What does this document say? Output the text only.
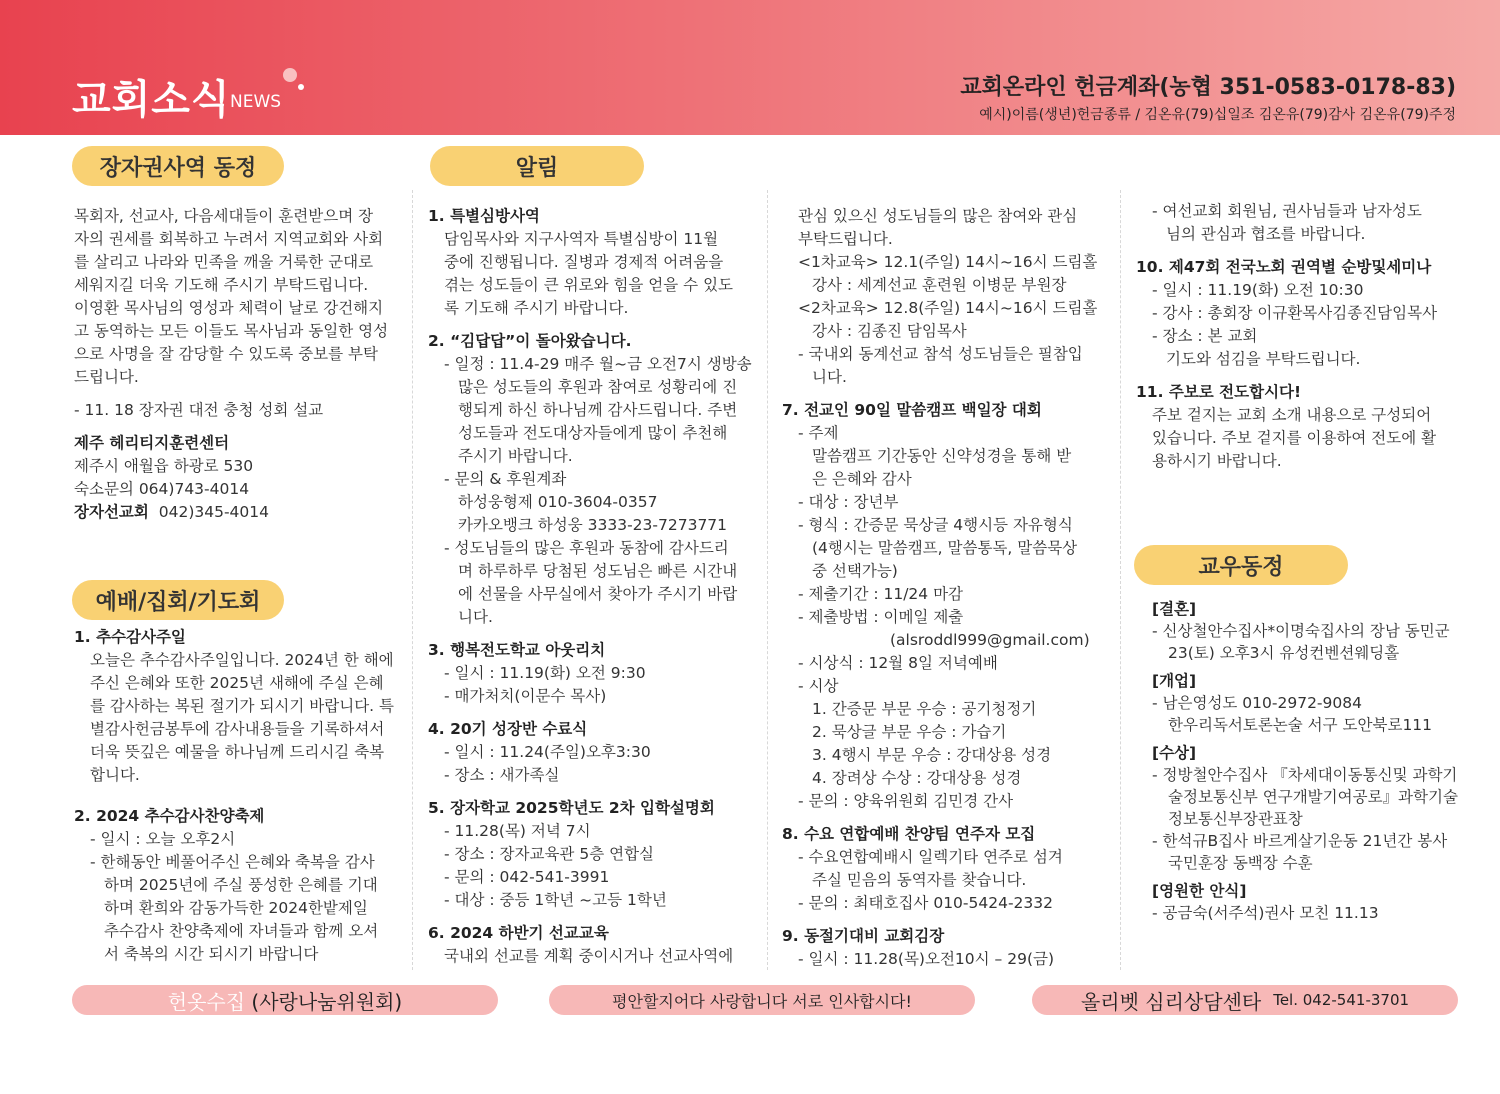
교회소식 NEWS
교회온라인 헌금계좌(농협 351-0583-0178-83)
예시)이름(생년)헌금종류 / 김온유(79)십일조 김온유(79)감사 김온유(79)주정
장자권사역 동정	알림
예배/집회/기도회
교우동정

목회자, 선교사, 다음세대들이 훈련받으며 장

자의 권세를 회복하고 누려서 지역교회와 사회

를 살리고 나라와 민족을 깨울 거룩한 군대로

세워지길 더욱 기도해 주시기 부탁드립니다.

이영환 목사님의 영성과 체력이 날로 강건해지

고 동역하는 모든 이들도 목사님과 동일한 영성

으로 사명을 잘 감당할 수 있도록 중보를 부탁

드립니다.

- 11. 18 장자권 대전 충청 성회 설교

제주 헤리티지훈련센터

제주시 애월읍 하광로 530

숙소문의 064)743-4014

장자선교회 042)345-4014

1. 추수감사주일

오늘은 추수감사주일입니다. 2024년 한 해에

주신 은혜와 또한 2025년 새해에 주실 은혜

를 감사하는 복된 절기가 되시기 바랍니다. 특

별감사헌금봉투에 감사내용들을 기록하셔서

더욱 뜻깊은 예물을 하나님께 드리시길 축복

합니다.

2. 2024 추수감사찬양축제

- 일시 : 오늘 오후2시

- 한해동안 베풀어주신 은혜와 축복을 감사

하며 2025년에 주실 풍성한 은혜를 기대

하며 환희와 감동가득한 2024한밭제일

추수감사 찬양축제에 자녀들과 함께 오셔

서 축복의 시간 되시기 바랍니다

1. 특별심방사역

담임목사와 지구사역자 특별심방이 11월

중에 진행됩니다. 질병과 경제적 어려움을

겪는 성도들이 큰 위로와 힘을 얻을 수 있도

록 기도해 주시기 바랍니다.

2. “김답답”이 돌아왔습니다.

- 일정 : 11.4-29 매주 월~금 오전7시 생방송

많은 성도들의 후원과 참여로 성황리에 진

행되게 하신 하나님께 감사드립니다. 주변

성도들과 전도대상자들에게 많이 추천해

주시기 바랍니다.

- 문의 & 후원계좌

하성웅형제 010-3604-0357

카카오뱅크 하성웅 3333-23-7273771

- 성도님들의 많은 후원과 동참에 감사드리

며 하루하루 당첨된 성도님은 빠른 시간내

에 선물을 사무실에서 찾아가 주시기 바랍

니다.

3. 행복전도학교 아웃리치

- 일시 : 11.19(화) 오전 9:30

- 매가처치(이문수 목사)

4. 20기 성장반 수료식

- 일시 : 11.24(주일)오후3:30

- 장소 : 새가족실

5. 장자학교 2025학년도 2차 입학설명회

- 11.28(목) 저녁 7시

- 장소 : 장자교육관 5층 연합실

- 문의 : 042-541-3991

- 대상 : 중등 1학년 ~고등 1학년

6. 2024 하반기 선교교육

국내외 선교를 계획 중이시거나 선교사역에

관심 있으신 성도님들의 많은 참여와 관심

부탁드립니다.

<1차교육> 12.1(주일) 14시~16시 드림홀

강사 : 세계선교 훈련원 이병문 부원장

<2차교육> 12.8(주일) 14시~16시 드림홀

강사 : 김종진 담임목사

- 국내외 동계선교 참석 성도님들은 필참입

니다.

7. 전교인 90일 말씀캠프 백일장 대회

- 주제

말씀캠프 기간동안 신약성경을 통해 받

은 은혜와 감사

- 대상 : 장년부

- 형식 : 간증문 묵상글 4행시등 자유형식

(4행시는 말씀캠프, 말씀통독, 말씀묵상

중 선택가능)

- 제출기간 : 11/24 마감

- 제출방법 : 이메일 제출

(alsroddl999@gmail.com)

- 시상식 : 12월 8일 저녁예배

- 시상

1. 간증문 부문 우승 : 공기청정기

2. 묵상글 부문 우승 : 가습기

3. 4행시 부문 우승 : 강대상용 성경

4. 장려상 수상 : 강대상용 성경

- 문의 : 양육위원회 김민경 간사

8. 수요 연합예배 찬양팀 연주자 모집

- 수요연합예배시 일렉기타 연주로 섬겨

주실 믿음의 동역자를 찾습니다.

- 문의 : 최태호집사 010-5424-2332

9. 동절기대비 교회김장

- 일시 : 11.28(목)오전10시 – 29(금)

- 여선교회 회원님, 권사님들과 남자성도

님의 관심과 협조를 바랍니다.

10. 제47회 전국노회 권역별 순방및세미나

- 일시 : 11.19(화) 오전 10:30

- 강사 : 총회장 이규환목사김종진담임목사

- 장소 : 본 교회

기도와 섬김을 부탁드립니다.

11. 주보로 전도합시다!

주보 겉지는 교회 소개 내용으로 구성되어

있습니다. 주보 겉지를 이용하여 전도에 활

용하시기 바랍니다.

[결혼]

- 신상철안수집사*이명숙집사의 장남 동민군

23(토) 오후3시 유성컨벤션웨딩홀

[개업]

- 남은영성도 010-2972-9084

한우리독서토론논술 서구 도안북로111

[수상]

- 정방철안수집사 『차세대이동통신및 과학기

술정보통신부 연구개발기여공로』과학기술

정보통신부장관표창

- 한석규B집사 바르게살기운동 21년간 봉사

국민훈장 동백장 수훈

[영원한 안식]

- 공금숙(서주석)권사 모친 11.13

헌옷수집
(사랑나눔위원회)	평안할지어다 사랑합니다 서로 인사합시다!	올리벳 심리상담센타 Tel. 042-541-3701
